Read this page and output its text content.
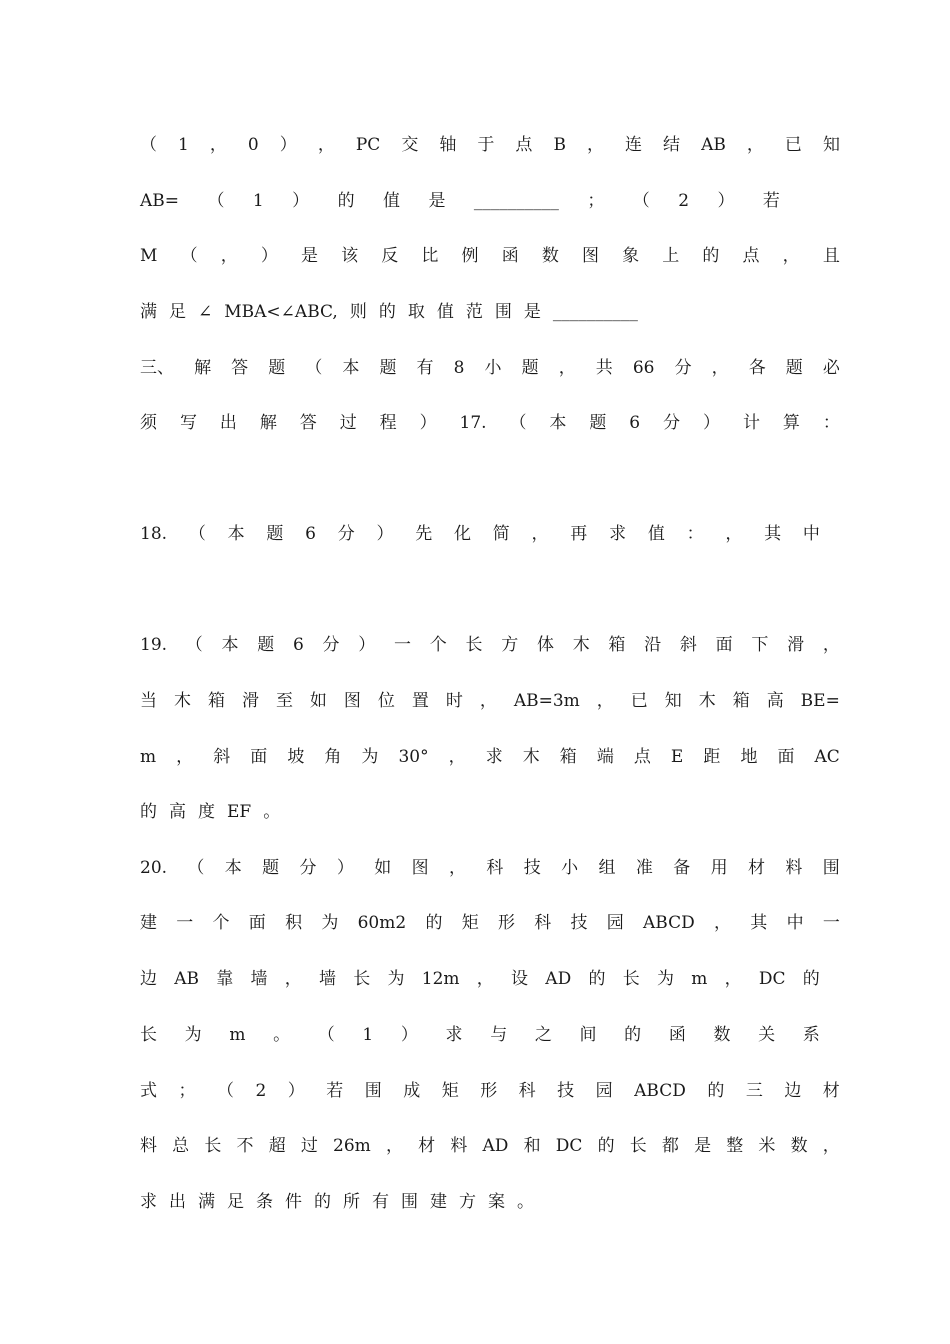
（ 1 ， 0 ） ， PC 交 轴 于 点 B ， 连 结 AB ， 已 知
AB= （ 1 ） 的 值 是 __________ ； （ 2 ） 若
M （ ， ） 是 该 反 比 例 函 数 图 象 上 的 点 ， 且
满 足 ∠ MBA<∠ABC, 则 的 取 值 范 围 是 __________
三、 解 答 题 （ 本 题 有 8 小 题 ， 共 66 分 ， 各 题 必
须 写 出 解 答 过 程 ） 17. （ 本 题 6 分 ） 计 算 ：
18. （ 本 题 6 分 ） 先 化 简 ， 再 求 值 ： ， 其 中
19. （ 本 题 6 分 ） 一 个 长 方 体 木 箱 沿 斜 面 下 滑 ，
当 木 箱 滑 至 如 图 位 置 时 ， AB=3m ， 已 知 木 箱 高 BE=
m ， 斜 面 坡 角 为 30° ， 求 木 箱 端 点 E 距 地 面 AC
的 高 度 EF 。
20. （ 本 题 分 ） 如 图 ， 科 技 小 组 准 备 用 材 料 围
建 一 个 面 积 为 60m2 的 矩 形 科 技 园 ABCD ， 其 中 一
边 AB 靠 墙 ， 墙 长 为 12m ， 设 AD 的 长 为 m ， DC 的
长 为 m 。 （ 1 ） 求 与 之 间 的 函 数 关 系
式 ； （ 2 ） 若 围 成 矩 形 科 技 园 ABCD 的 三 边 材
料 总 长 不 超 过 26m ， 材 料 AD 和 DC 的 长 都 是 整 米 数 ，
求 出 满 足 条 件 的 所 有 围 建 方 案 。
